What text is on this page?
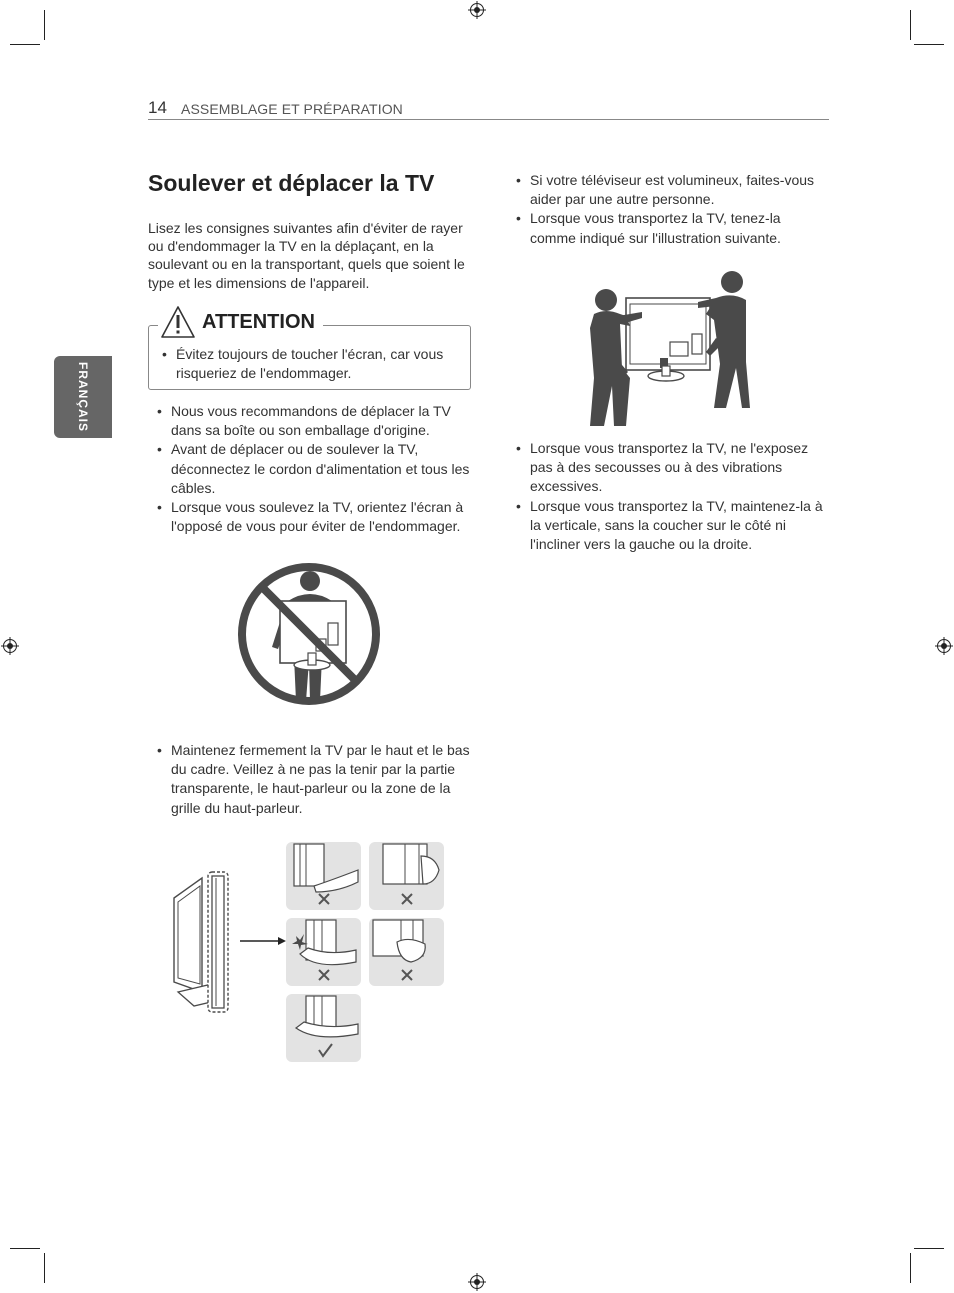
14 ASSEMBLAGE ET PRÉPARATION
FRANÇAIS
Soulever et déplacer la TV

Lisez les consignes suivantes afin d'éviter de rayer ou d'endommager la TV en la déplaçant, en la soulevant ou en la transportant, quels que soient le type et les dimensions de l'appareil.

ATTENTION
• Évitez toujours de toucher l'écran, car vous risqueriez de l'endommager.
• Nous vous recommandons de déplacer la TV dans sa boîte ou son emballage d'origine.
• Avant de déplacer ou de soulever la TV, déconnectez le cordon d'alimentation et tous les câbles.
• Lorsque vous soulevez la TV, orientez l'écran à l'opposé de vous pour éviter de l'endommager.
• Maintenez fermement la TV par le haut et le bas du cadre. Veillez à ne pas la tenir par la partie transparente, le haut-parleur ou la zone de la grille du haut-parleur.
• Si votre téléviseur est volumineux, faites-vous aider par une autre personne.
• Lorsque vous transportez la TV, tenez-la comme indiqué sur l'illustration suivante.
• Lorsque vous transportez la TV, ne l'exposez pas à des secousses ou à des vibrations excessives.
• Lorsque vous transportez la TV, maintenez-la à la verticale, sans la coucher sur le côté ni l'incliner vers la gauche ou la droite.
